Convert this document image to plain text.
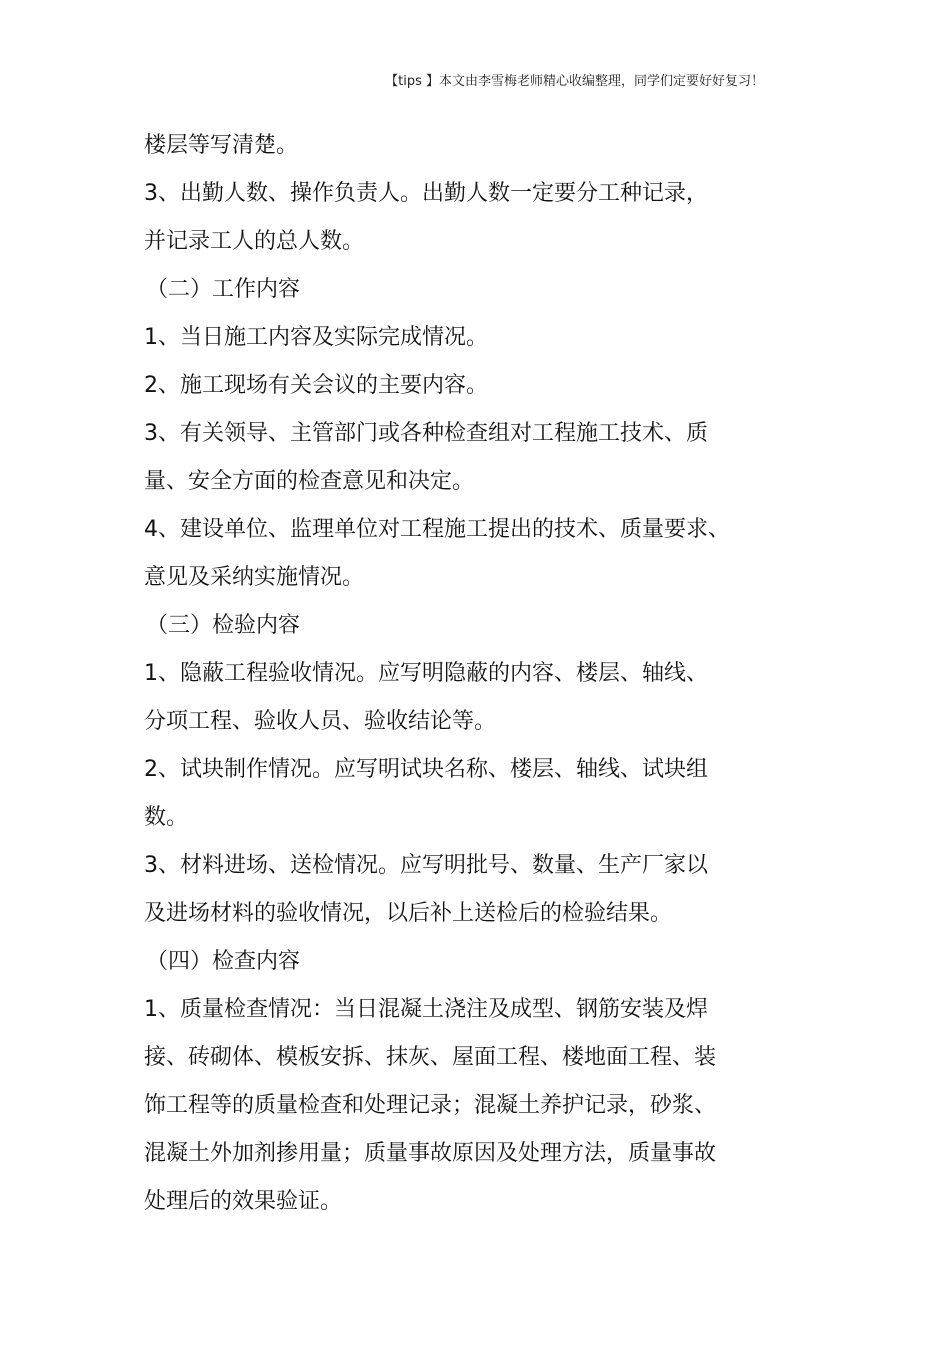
【tips 】本文由李雪梅老师精心收编整理，同学们定要好好复习！
楼层等写清楚。
3、出勤人数、操作负责人。出勤人数一定要分工种记录，
并记录工人的总人数。
（二）工作内容
1、当日施工内容及实际完成情况。
2、施工现场有关会议的主要内容。
3、有关领导、主管部门或各种检查组对工程施工技术、质
量、安全方面的检查意见和决定。
4、建设单位、监理单位对工程施工提出的技术、质量要求、
意见及采纳实施情况。
（三）检验内容
1、隐蔽工程验收情况。应写明隐蔽的内容、楼层、轴线、
分项工程、验收人员、验收结论等。
2、试块制作情况。应写明试块名称、楼层、轴线、试块组
数。
3、材料进场、送检情况。应写明批号、数量、生产厂家以
及进场材料的验收情况，以后补上送检后的检验结果。
（四）检查内容
1、质量检查情况：当日混凝土浇注及成型、钢筋安装及焊
接、砖砌体、模板安拆、抹灰、屋面工程、楼地面工程、装
饰工程等的质量检查和处理记录；混凝土养护记录，砂浆、
混凝土外加剂掺用量；质量事故原因及处理方法，质量事故
处理后的效果验证。
